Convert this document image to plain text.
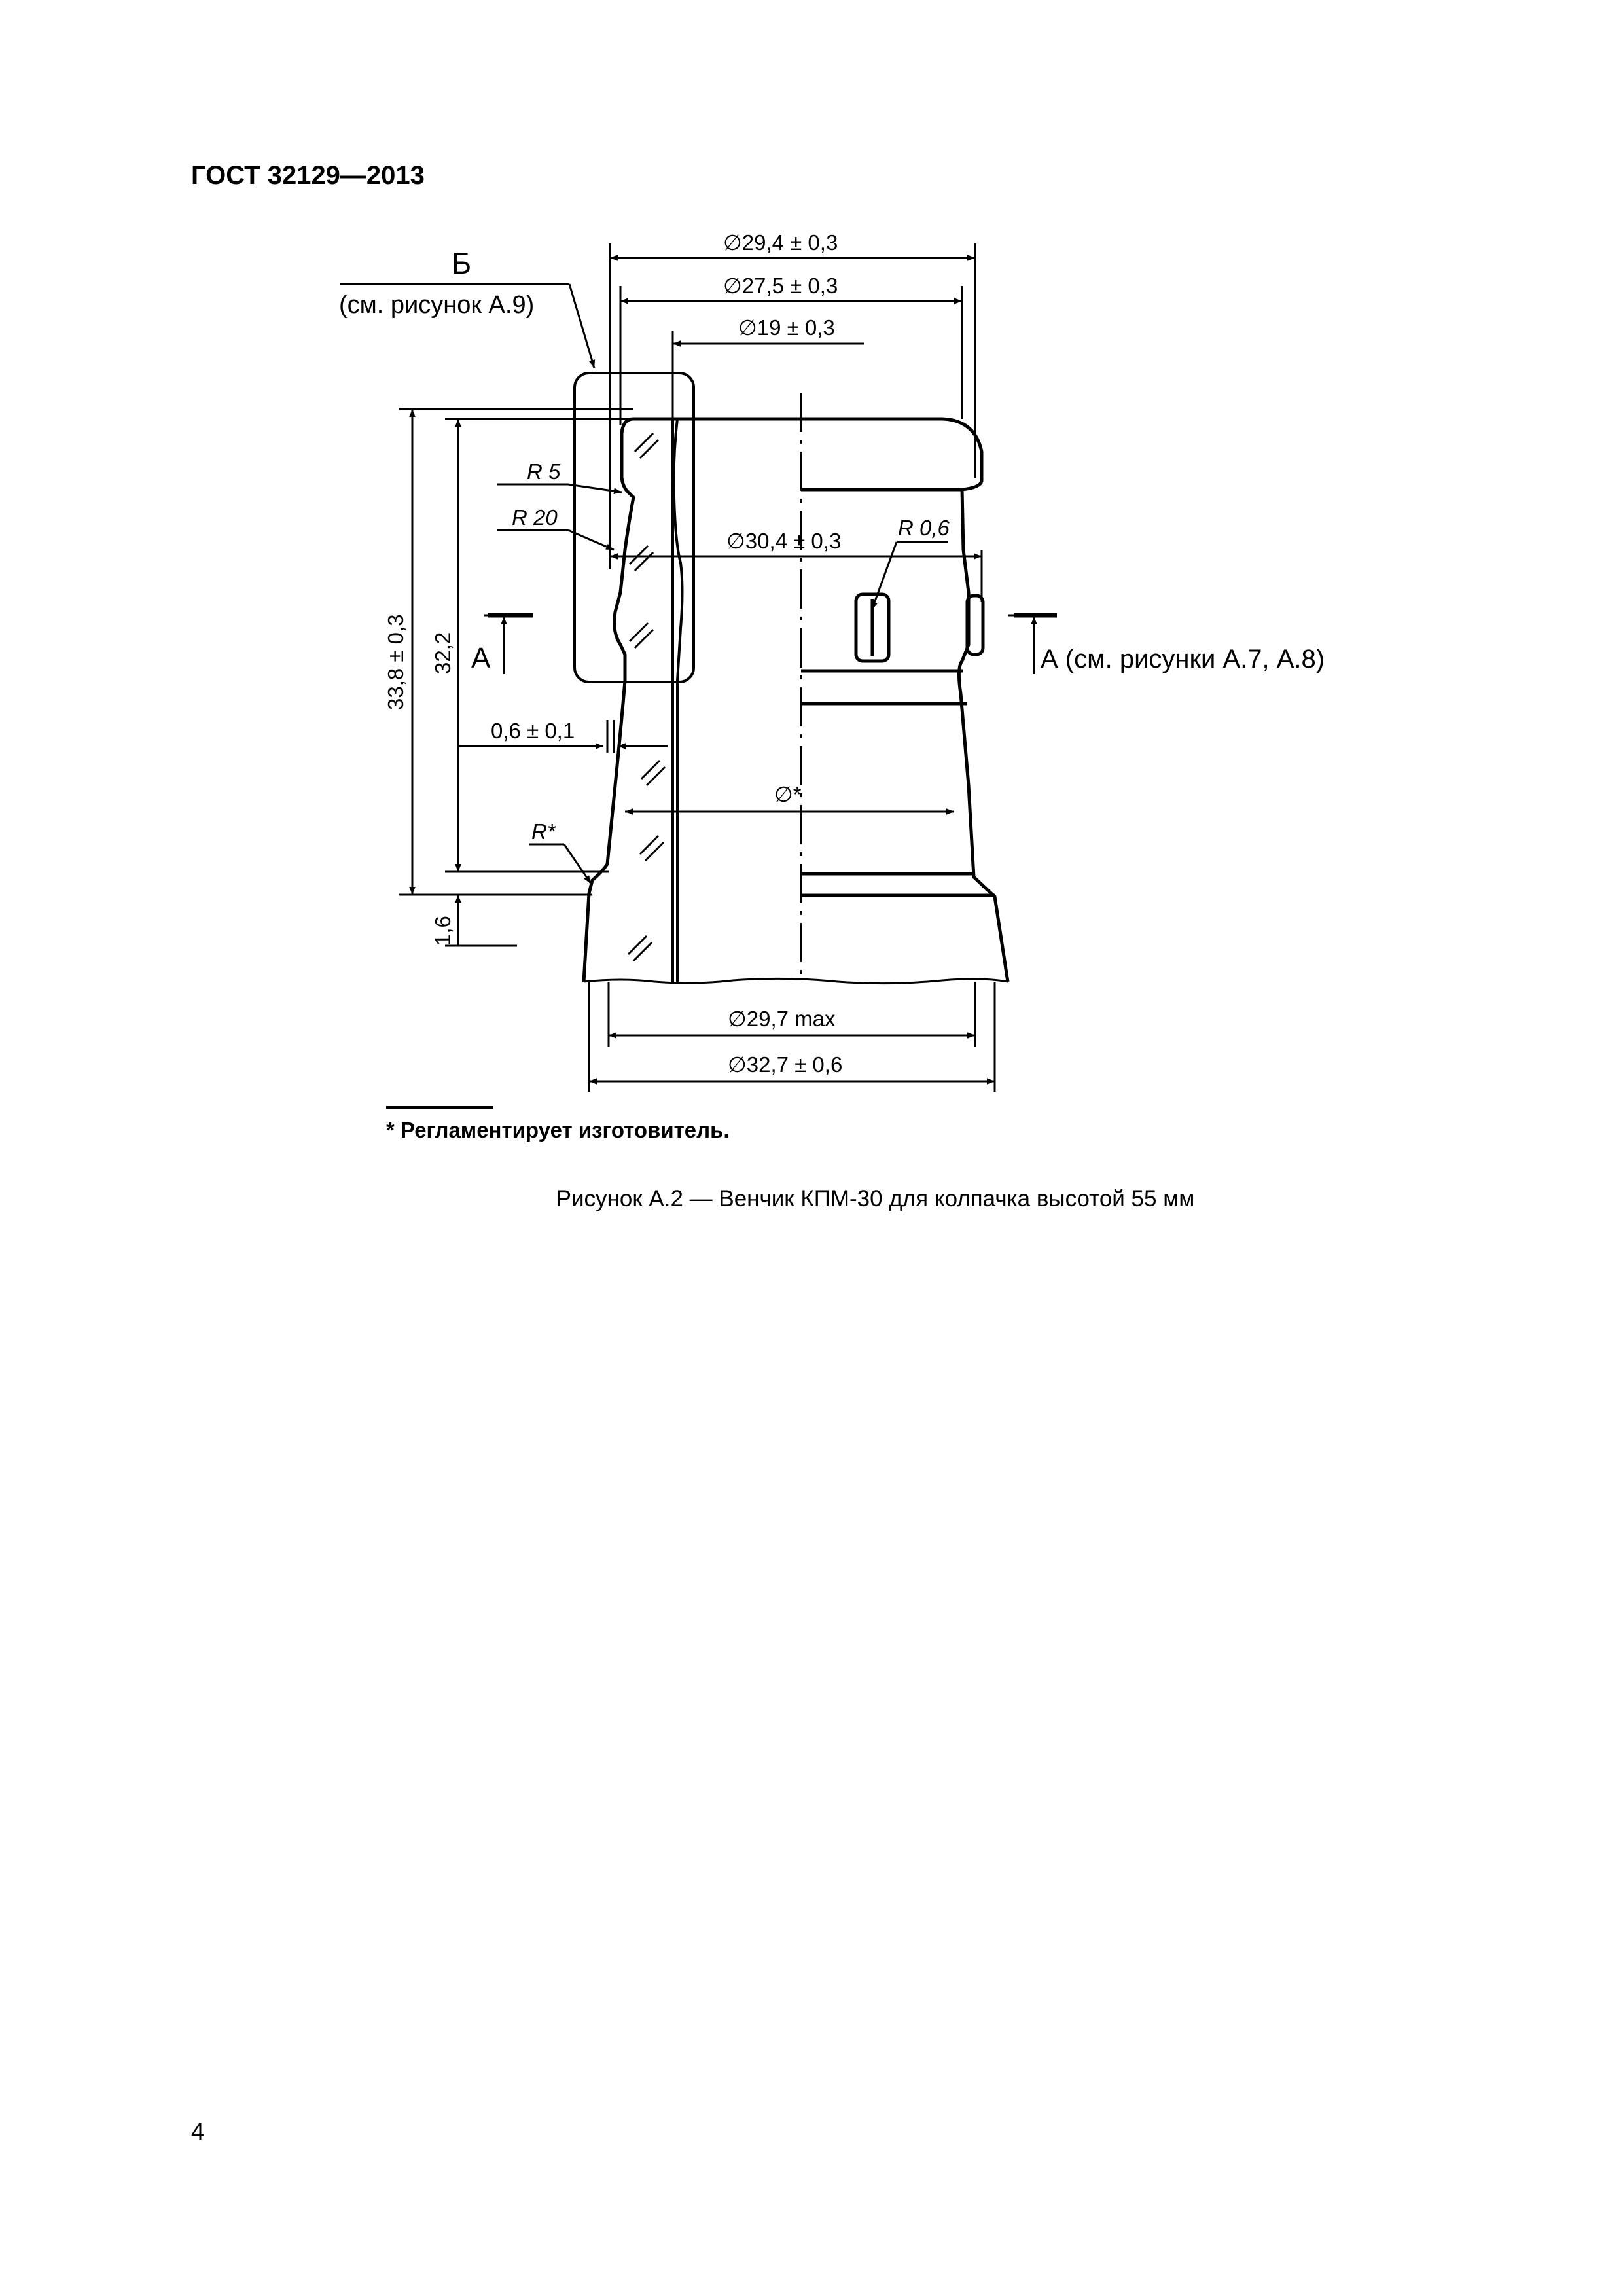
ГОСТ 32129—2013
Б
(см. рисунок А.9)
А	А (см. рисунки А.7, А.8)
∅29,4 ± 0,3
∅27,5 ± 0,3
∅19 ± 0,3
∅30,4 ± 0,3
∅*
∅29,7 max
∅32,7 ± 0,6
R 5
R 20	R 0,6
R*
0,6 ± 0,1
33,8 ± 0,3 32,2
1,6
* Регламентирует изготовитель.
Рисунок А.2 — Венчик КПМ-30 для колпачка высотой 55 мм
4
